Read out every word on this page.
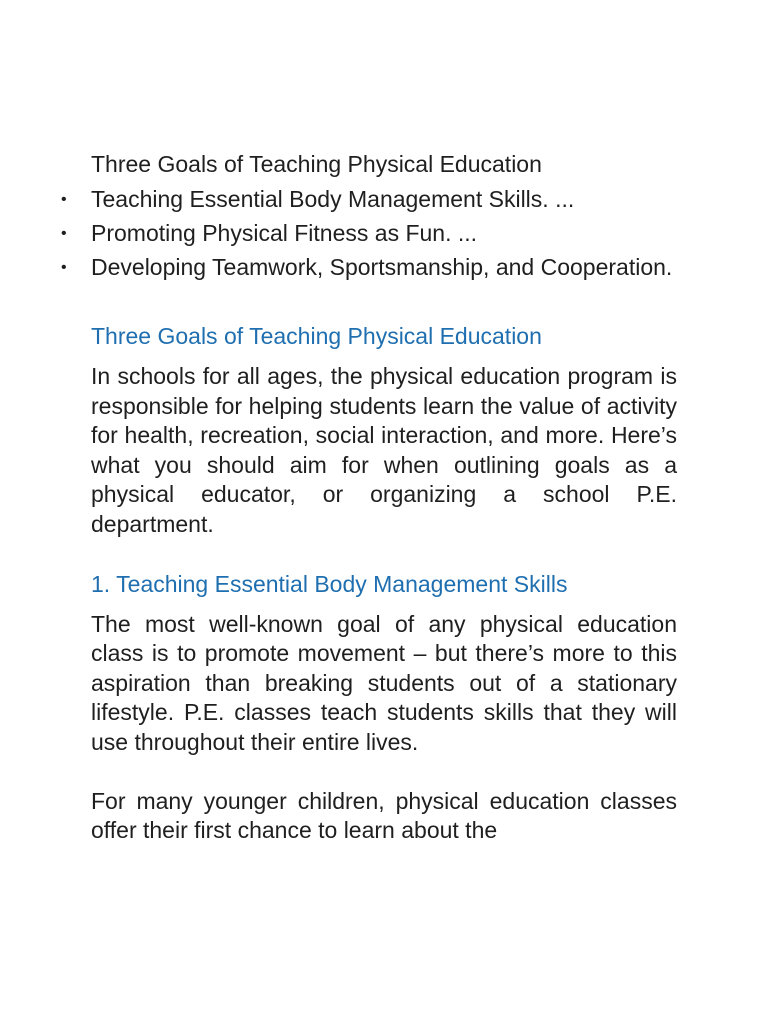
Three Goals of Teaching Physical Education
• Teaching Essential Body Management Skills. ...
• Promoting Physical Fitness as Fun. ...
• Developing Teamwork, Sportsmanship, and Cooperation.
Three Goals of Teaching Physical Education

In schools for all ages, the physical education program is responsible for helping students learn the value of activity for health, recreation, social interaction, and more. Here’s what you should aim for when outlining goals as a physical educator, or organizing a school P.E. department.

1. Teaching Essential Body Management Skills

The most well-known goal of any physical education class is to promote movement – but there’s more to this aspiration than breaking students out of a stationary lifestyle. P.E. classes teach students skills that they will use throughout their entire lives.

For many younger children, physical education classes offer their first chance to learn about the
